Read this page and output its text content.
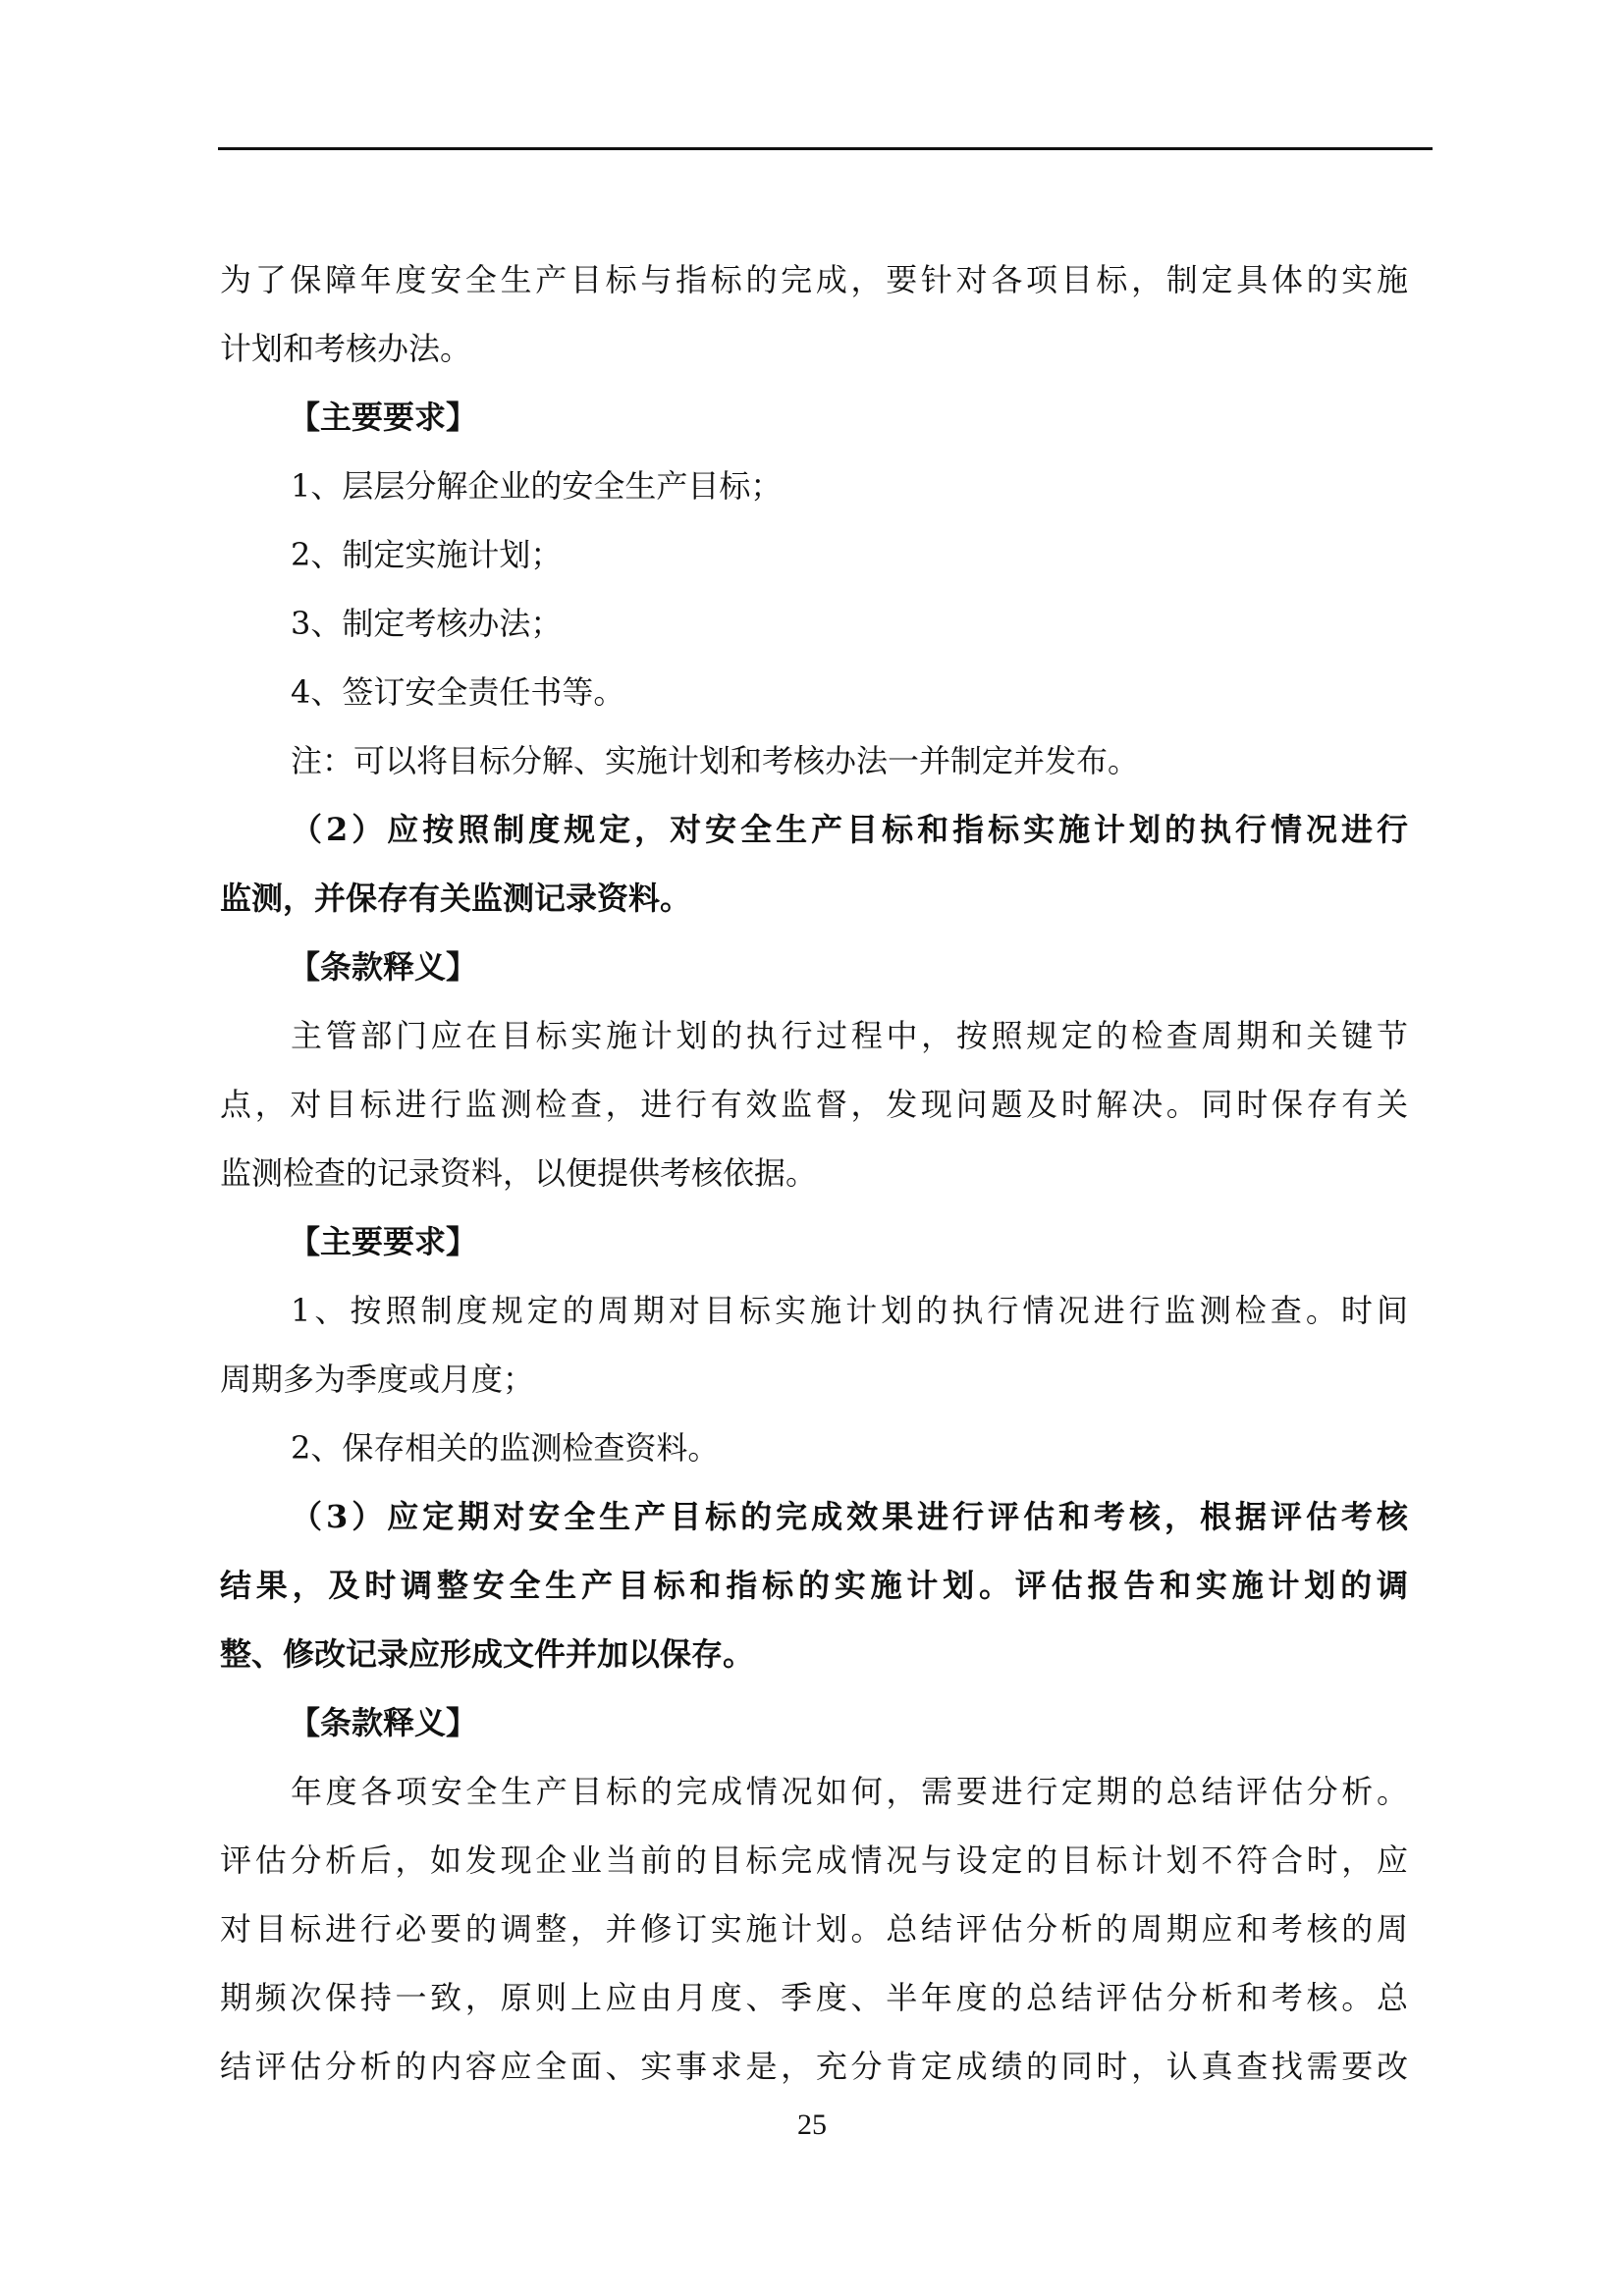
为了保障年度安全生产目标与指标的完成，要针对各项目标，制定具体的实施
计划和考核办法。
【主要要求】
1、层层分解企业的安全生产目标；
2、制定实施计划；
3、制定考核办法；
4、签订安全责任书等。
注：可以将目标分解、实施计划和考核办法一并制定并发布。
（2）应按照制度规定，对安全生产目标和指标实施计划的执行情况进行
监测，并保存有关监测记录资料。
【条款释义】
主管部门应在目标实施计划的执行过程中，按照规定的检查周期和关键节
点，对目标进行监测检查，进行有效监督，发现问题及时解决。同时保存有关
监测检查的记录资料，以便提供考核依据。
【主要要求】
1、按照制度规定的周期对目标实施计划的执行情况进行监测检查。时间
周期多为季度或月度；
2、保存相关的监测检查资料。
（3）应定期对安全生产目标的完成效果进行评估和考核，根据评估考核
结果，及时调整安全生产目标和指标的实施计划。评估报告和实施计划的调
整、修改记录应形成文件并加以保存。
【条款释义】
年度各项安全生产目标的完成情况如何，需要进行定期的总结评估分析。
评估分析后，如发现企业当前的目标完成情况与设定的目标计划不符合时，应
对目标进行必要的调整，并修订实施计划。总结评估分析的周期应和考核的周
期频次保持一致，原则上应由月度、季度、半年度的总结评估分析和考核。总
结评估分析的内容应全面、实事求是，充分肯定成绩的同时，认真查找需要改
25
